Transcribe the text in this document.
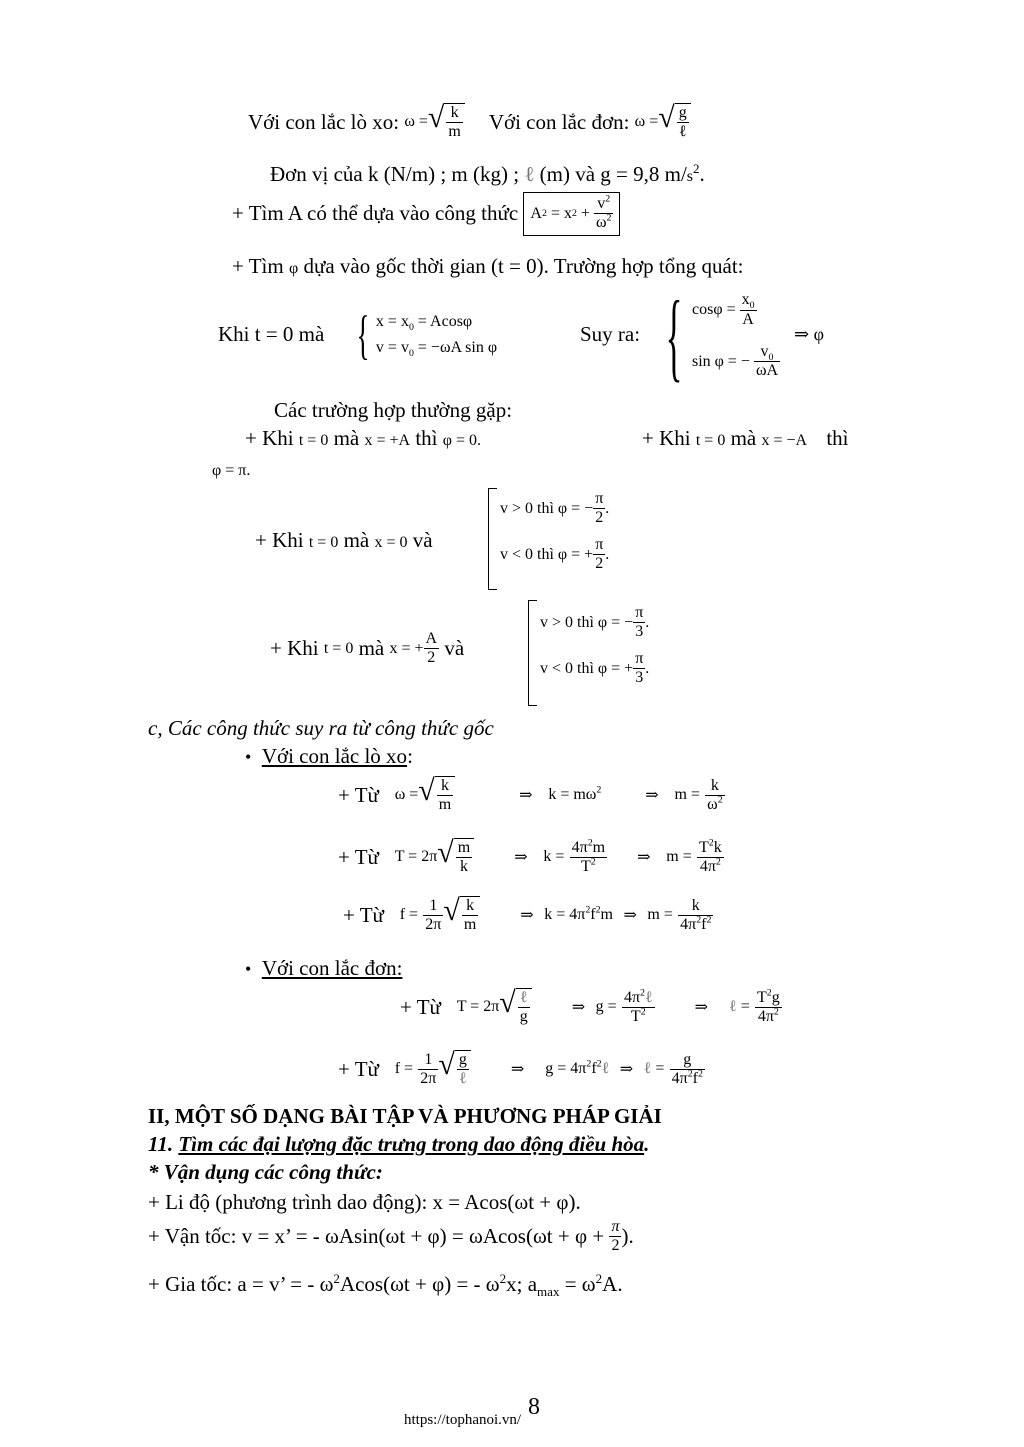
Với con lắc lò xo:
ω = √ $\frac{k}{m}$ Với con lắc đơn:
ω = √ $\frac{g}{\text{ℓ}}$
Đơn vị của k (N/m) ; m (kg) ; ℓ (m) và g = 9,8 $m/s^2$.
+ Tìm A có thể dựa vào công thức
A 2
= x 2
+
$\frac{v^2}{\omega^2}$
+ Tìm φ dựa vào gốc thời gian (t = 0). Trường hợp tổng quát:
Khi t = 0 mà { $x = x_0 = Acos\varphi$
$v = v_0 = -\omega A$ sin φ
Suy ra: { cosφ =
$\frac{x_0}{A}$
sin φ = −
$\frac{v_0}{\omega A}$
⇒ φ
Các trường hợp thường gặp:
+ Khi t = 0 mà x = +A thì φ = 0.	+ Khi t = 0 mà x = −A thì
φ = π.
+ Khi t = 0 mà x = 0 và
v > 0 thì φ = − $\frac{\pi}{2}$ .
v < 0 thì φ = + $\frac{\pi}{2}$ .
+ Khi
t = 0
mà
x = + $\frac{A}{2}$
và
v > 0 thì φ = − $\frac{\pi}{3}$ .
v < 0 thì φ = + $\frac{\pi}{3}$ .
c, Các công thức suy ra từ công thức gốc
• Với con lắc lò xo:
+ Từ
ω = √ $\frac{k}{m}$	⇒
$k = m\omega^2$	⇒
m =
$\frac{k}{\omega^2}$
+ Từ
T = 2π √ $\frac{m}{k}$	⇒
k =
$\frac{4\pi^2m}{T^2}$ ⇒
m =
$\frac{T^2k}{4\pi^2}$
+ Từ
f =
$\frac{1}{2\pi}$ √ $\frac{k}{m}$	⇒
$k = 4\pi^2f^2m$
⇒
m =
$\frac{k}{4\pi^2f^2}$
• Với con lắc đơn:
+ Từ
T = 2π √ $\frac{\text{ℓ}}{g}$	⇒
g =
$\frac{4\pi^2\ell}{T^2}$	⇒
ℓ =
$\frac{T^2g}{4\pi^2}$
+ Từ
f =
$\frac{1}{2\pi}$ √ $\frac{g}{\text{ℓ}}$	⇒
$g = 4\pi^2f^2\ell$
⇒
ℓ =
$\frac{g}{4\pi^2f^2}$
II, MỘT SỐ DẠNG BÀI TẬP VÀ PHƯƠNG PHÁP GIẢI
11. Tìm các đại lượng đặc trưng trong dao động điều hòa.
* Vận dụng các công thức:
+ Li độ (phương trình dao động): x = Acos(ωt + φ).
+ Vận tốc: v = x’ = - ωAsin(ωt + φ) = ωAcos(ωt + φ +
$\frac{\pi}{2}$ ).
+ Gia tốc: a = v’ = - $\omega^2Acos(\omega t + \varphi)$ = - $\omega^2x$; $a_{max} = \omega^2A$.
8
https://tophanoi.vn/
